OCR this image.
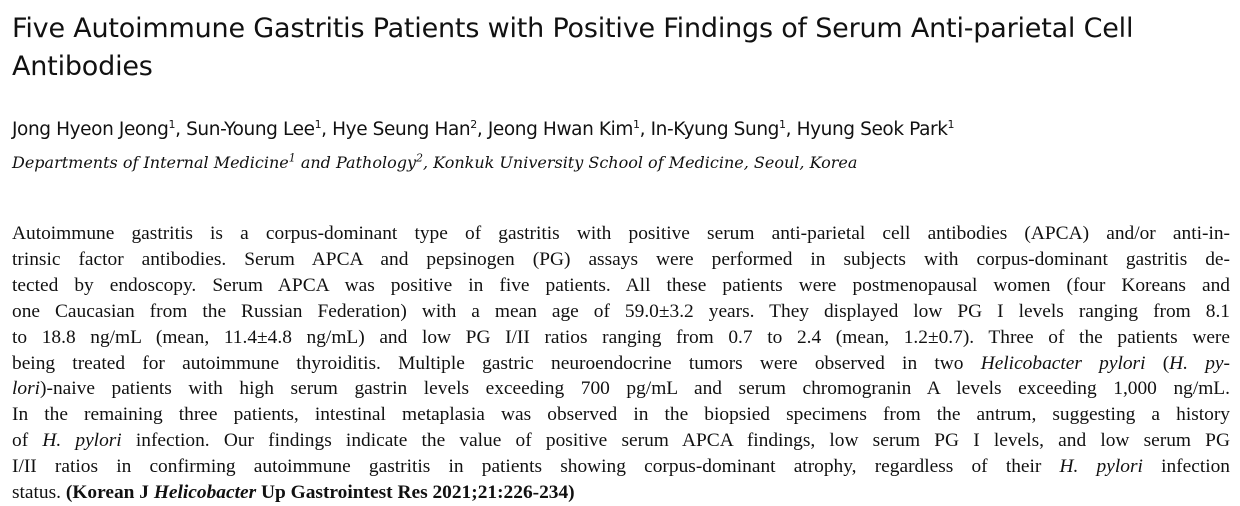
Five Autoimmune Gastritis Patients with Positive Findings of Serum Anti-parietal Cell Antibodies
Jong Hyeon Jeong$^1$, Sun-Young Lee$^1$, Hye Seung Han$^2$, Jeong Hwan Kim$^1$, In-Kyung Sung$^1$, Hyung Seok Park$^1$
Departments of Internal Medicine$^1$ and Pathology$^2$, Konkuk University School of Medicine, Seoul, Korea
Autoimmune gastritis is a corpus-dominant type of gastritis with positive serum anti-parietal cell antibodies (APCA) and/or anti-in-
trinsic factor antibodies. Serum APCA and pepsinogen (PG) assays were performed in subjects with corpus-dominant gastritis de-
tected by endoscopy. Serum APCA was positive in five patients. All these patients were postmenopausal women (four Koreans and
one Caucasian from the Russian Federation) with a mean age of 59.0±3.2 years. They displayed low PG I levels ranging from 8.1
to 18.8 ng/mL (mean, 11.4±4.8 ng/mL) and low PG I/II ratios ranging from 0.7 to 2.4 (mean, 1.2±0.7). Three of the patients were
being treated for autoimmune thyroiditis. Multiple gastric neuroendocrine tumors were observed in two Helicobacter pylori (H. py-
lori)-naive patients with high serum gastrin levels exceeding 700 pg/mL and serum chromogranin A levels exceeding 1,000 ng/mL.
In the remaining three patients, intestinal metaplasia was observed in the biopsied specimens from the antrum, suggesting a history
of H. pylori infection. Our findings indicate the value of positive serum APCA findings, low serum PG I levels, and low serum PG
I/II ratios in confirming autoimmune gastritis in patients showing corpus-dominant atrophy, regardless of their H. pylori infection
status. (Korean J Helicobacter Up Gastrointest Res 2021;21:226-234)
